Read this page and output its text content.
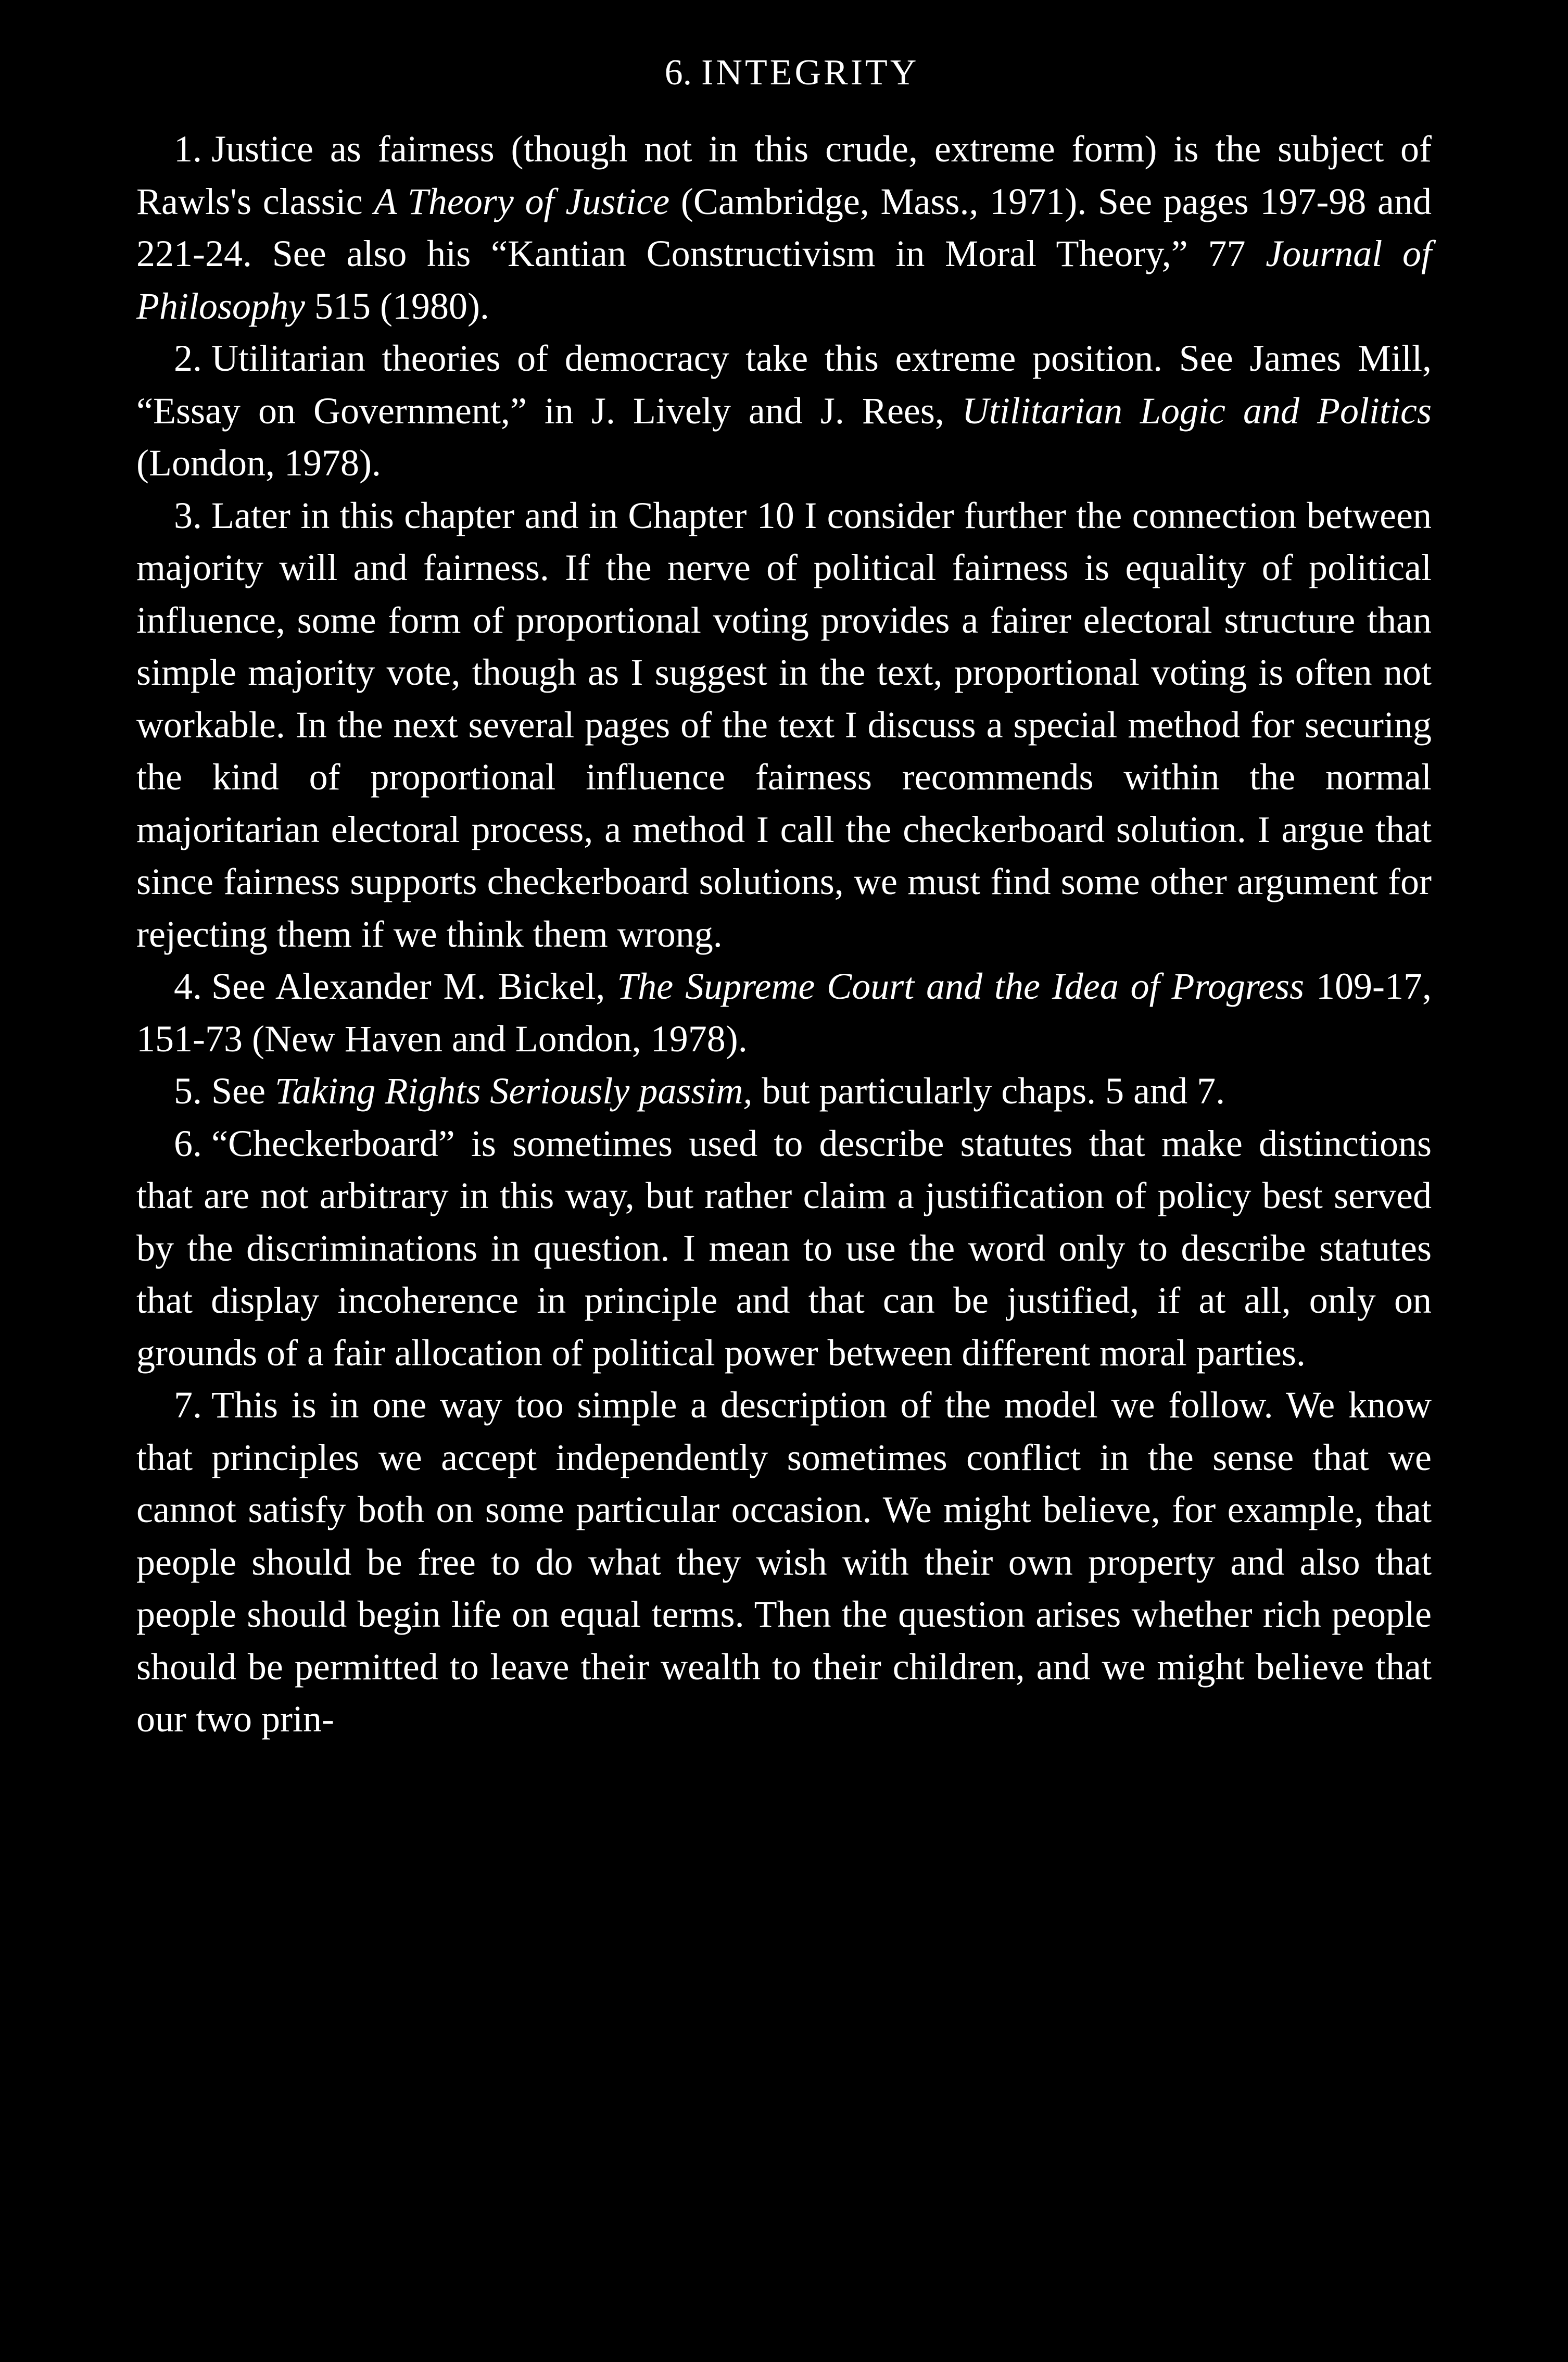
6. INTEGRITY

1. Justice as fairness (though not in this crude, extreme form) is the subject of Rawls's classic A Theory of Justice (Cambridge, Mass., 1971). See pages 197-98 and 221-24. See also his “Kantian Constructivism in Moral Theory,” 77 Journal of Philosophy 515 (1980).

2. Utilitarian theories of democracy take this extreme position. See James Mill, “Essay on Government,” in J. Lively and J. Rees, Utilitarian Logic and Politics (London, 1978).

3. Later in this chapter and in Chapter 10 I consider further the connection between majority will and fairness. If the nerve of political fairness is equality of political influence, some form of proportional voting provides a fairer electoral structure than simple majority vote, though as I suggest in the text, proportional voting is often not workable. In the next several pages of the text I discuss a special method for securing the kind of proportional influence fairness recommends within the normal majoritarian electoral process, a method I call the checkerboard solution. I argue that since fairness supports checkerboard solutions, we must find some other argument for rejecting them if we think them wrong.

4. See Alexander M. Bickel, The Supreme Court and the Idea of Progress 109-17, 151-73 (New Haven and London, 1978).

5. See Taking Rights Seriously passim, but particularly chaps. 5 and 7.

6. “Checkerboard” is sometimes used to describe statutes that make distinctions that are not arbitrary in this way, but rather claim a justification of policy best served by the discriminations in question. I mean to use the word only to describe statutes that display incoherence in principle and that can be justified, if at all, only on grounds of a fair allocation of political power between different moral parties.

7. This is in one way too simple a description of the model we follow. We know that principles we accept independently sometimes conflict in the sense that we cannot satisfy both on some particular occasion. We might believe, for example, that people should be free to do what they wish with their own property and also that people should begin life on equal terms. Then the question arises whether rich people should be permitted to leave their wealth to their children, and we might believe that our two prin-
